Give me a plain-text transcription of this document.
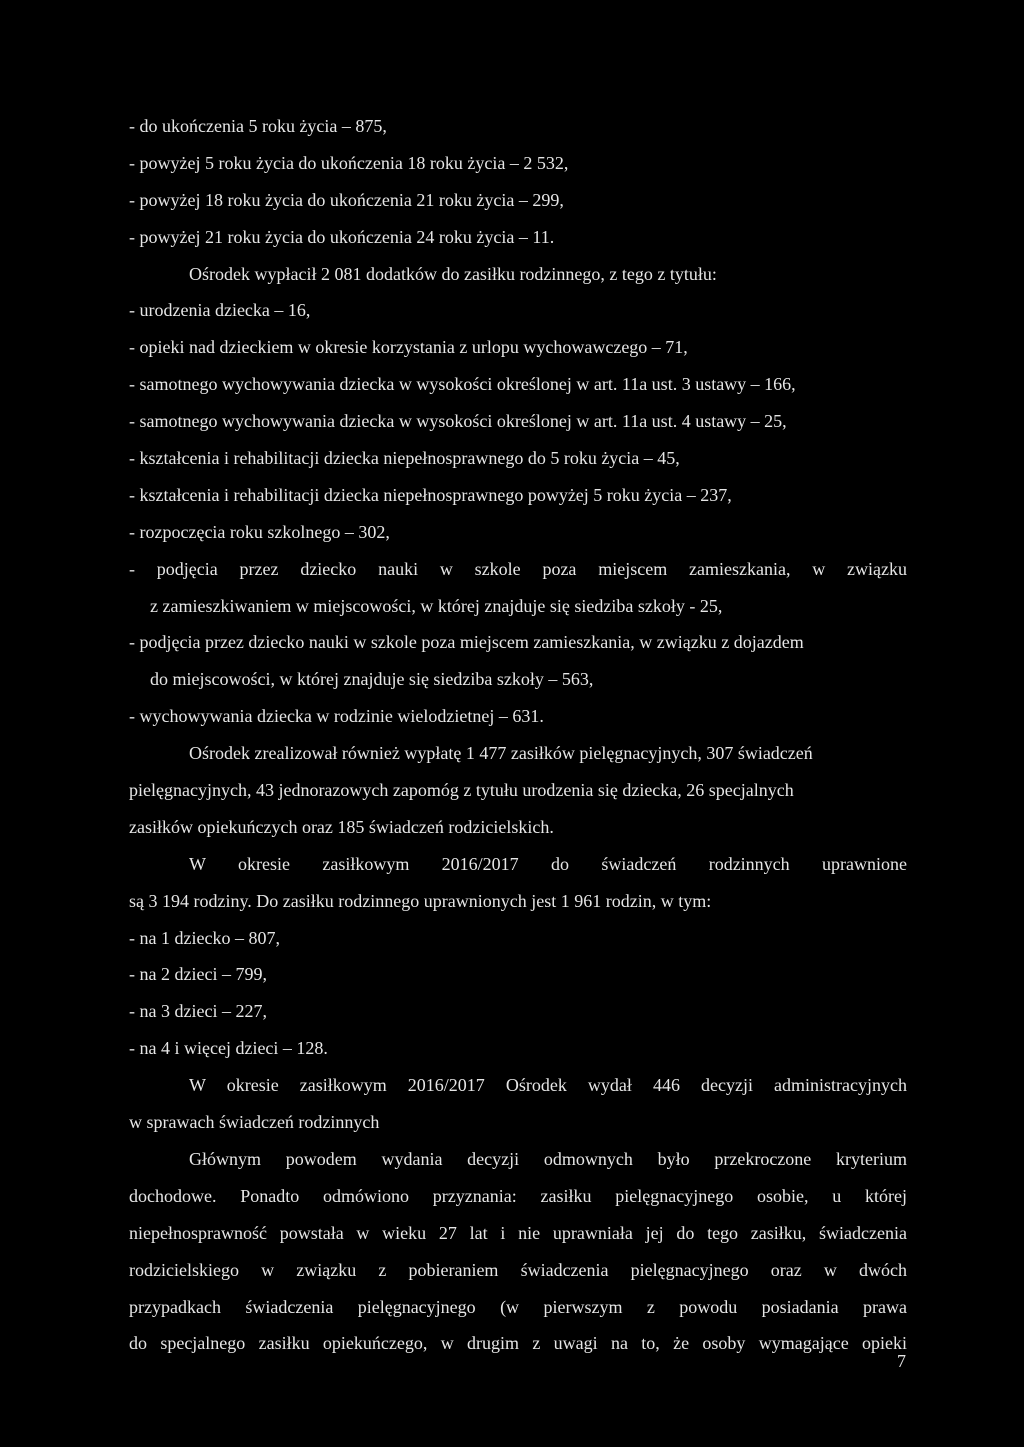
- do ukończenia 5 roku życia – 875,
- powyżej 5 roku życia do ukończenia 18 roku życia – 2 532,
- powyżej 18 roku życia do ukończenia 21 roku życia – 299,
- powyżej 21 roku życia do ukończenia 24 roku życia – 11.
Ośrodek wypłacił 2 081 dodatków do zasiłku rodzinnego, z tego z tytułu:
- urodzenia dziecka – 16,
- opieki nad dzieckiem w okresie korzystania z urlopu wychowawczego – 71,
- samotnego wychowywania dziecka w wysokości określonej w art. 11a ust. 3 ustawy – 166,
- samotnego wychowywania dziecka w wysokości określonej w art. 11a ust. 4 ustawy – 25,
- kształcenia i rehabilitacji dziecka niepełnosprawnego do 5 roku życia – 45,
- kształcenia i rehabilitacji dziecka niepełnosprawnego powyżej 5 roku życia – 237,
- rozpoczęcia roku szkolnego – 302,
- podjęcia przez dziecko nauki w szkole poza miejscem zamieszkania, w związku
z zamieszkiwaniem w miejscowości, w której znajduje się siedziba szkoły - 25,
- podjęcia przez dziecko nauki w szkole poza miejscem zamieszkania, w związku z dojazdem
do miejscowości, w której znajduje się siedziba szkoły – 563,
- wychowywania dziecka w rodzinie wielodzietnej – 631.
Ośrodek zrealizował również wypłatę 1 477 zasiłków pielęgnacyjnych, 307 świadczeń
pielęgnacyjnych, 43 jednorazowych zapomóg z tytułu urodzenia się dziecka, 26 specjalnych
zasiłków opiekuńczych oraz 185 świadczeń rodzicielskich.
W okresie zasiłkowym 2016/2017 do świadczeń rodzinnych uprawnione
są 3 194 rodziny. Do zasiłku rodzinnego uprawnionych jest 1 961 rodzin, w tym:
- na 1 dziecko – 807,
- na 2 dzieci – 799,
- na 3 dzieci – 227,
- na 4 i więcej dzieci – 128.
W okresie zasiłkowym 2016/2017 Ośrodek wydał 446 decyzji administracyjnych
w sprawach świadczeń rodzinnych
Głównym powodem wydania decyzji odmownych było przekroczone kryterium
dochodowe. Ponadto odmówiono przyznania: zasiłku pielęgnacyjnego osobie, u której
niepełnosprawność powstała w wieku 27 lat i nie uprawniała jej do tego zasiłku, świadczenia
rodzicielskiego w związku z pobieraniem świadczenia pielęgnacyjnego oraz w dwóch
przypadkach świadczenia pielęgnacyjnego (w pierwszym z powodu posiadania prawa
do specjalnego zasiłku opiekuńczego, w drugim z uwagi na to, że osoby wymagające opieki
7
